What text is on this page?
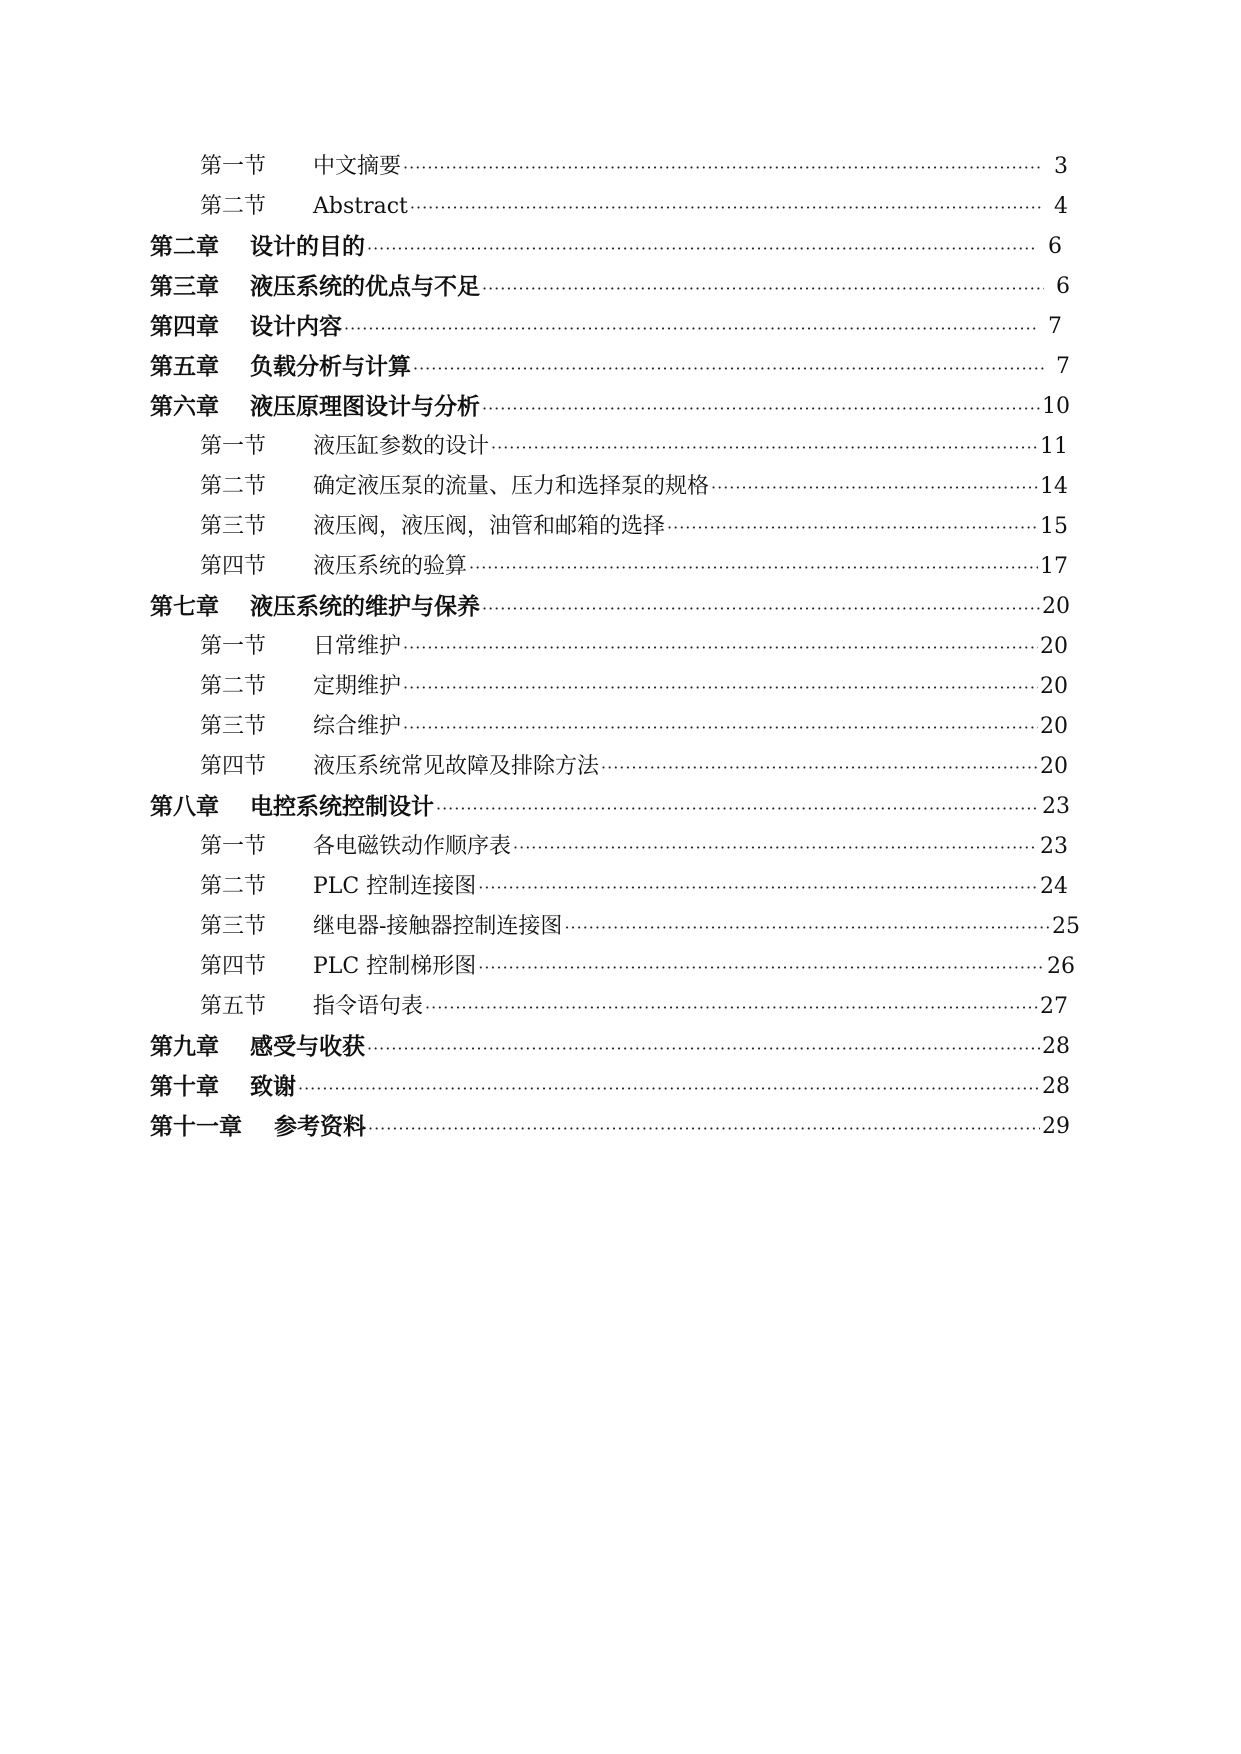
第一节	中文摘要 ·····	3
第二节	Abstract ·····	4
第二章	设计的目的 ·····	6
第三章	液压系统的优点与不足 ·····	6
第四章	设计内容 ·····	7
第五章	负载分析与计算 ·····	7
第六章	液压原理图设计与分析 ·····	10
第一节	液压缸参数的设计 ·····	11
第二节	确定液压泵的流量、压力和选择泵的规格 ·····	14
第三节	液压阀，液压阀，油管和邮箱的选择 ·····	15
第四节	液压系统的验算 ·····	17
第七章	液压系统的维护与保养 ·····	20
第一节	日常维护 ·····	20
第二节	定期维护 ·····	20
第三节	综合维护 ·····	20
第四节	液压系统常见故障及排除方法 ·····	20
第八章	电控系统控制设计 ·····	23
第一节	各电磁铁动作顺序表 ·····	23
第二节	PLC 控制连接图 ·····	24
第三节	继电器-接触器控制连接图 ·····	25
第四节	PLC 控制梯形图 ·····	26
第五节	指令语句表 ·····	27
第九章	感受与收获 ·····	28
第十章	致谢 ·····	28
第十一章	参考资料 ·····	29
